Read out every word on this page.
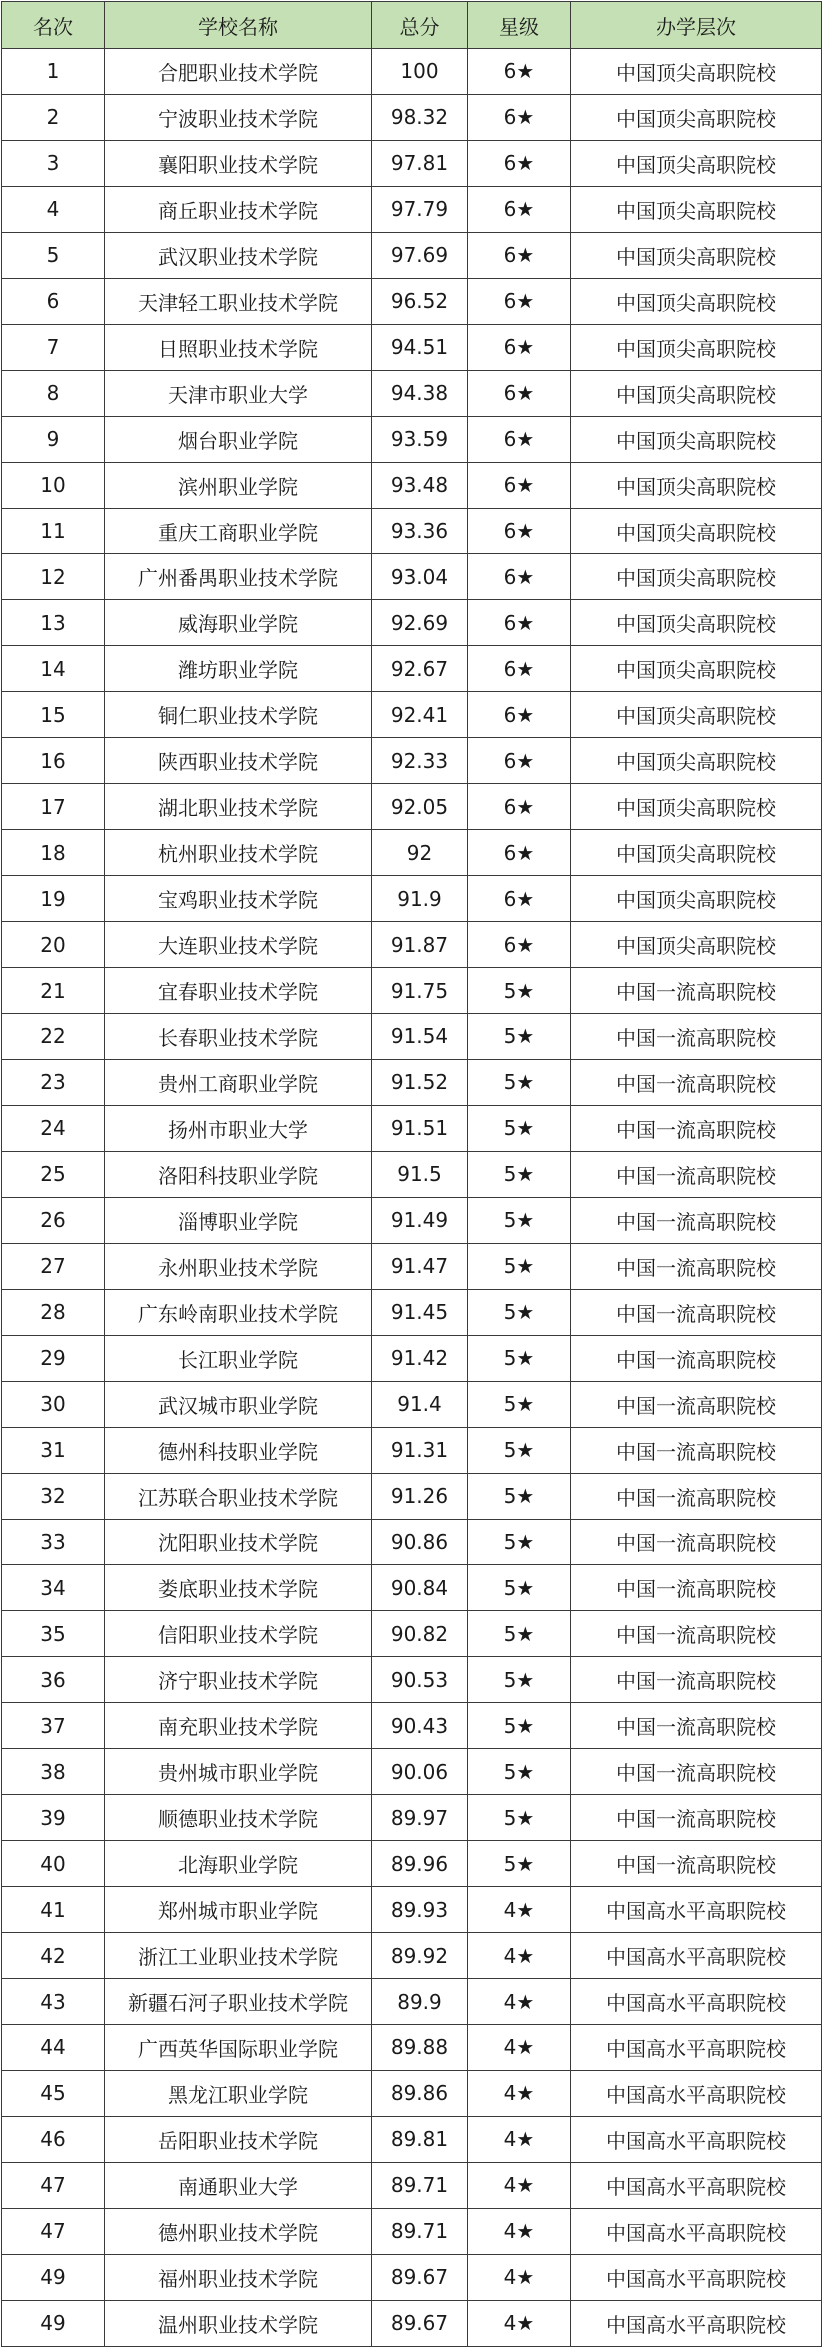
名次	学校名称	总分	星级	办学层次
1	合肥职业技术学院	100	6★	中国顶尖高职院校
2	宁波职业技术学院	98.32	6★	中国顶尖高职院校
3	襄阳职业技术学院	97.81	6★	中国顶尖高职院校
4	商丘职业技术学院	97.79	6★	中国顶尖高职院校
5	武汉职业技术学院	97.69	6★	中国顶尖高职院校
6	天津轻工职业技术学院	96.52	6★	中国顶尖高职院校
7	日照职业技术学院	94.51	6★	中国顶尖高职院校
8	天津市职业大学	94.38	6★	中国顶尖高职院校
9	烟台职业学院	93.59	6★	中国顶尖高职院校
10	滨州职业学院	93.48	6★	中国顶尖高职院校
11	重庆工商职业学院	93.36	6★	中国顶尖高职院校
12	广州番禺职业技术学院	93.04	6★	中国顶尖高职院校
13	威海职业学院	92.69	6★	中国顶尖高职院校
14	潍坊职业学院	92.67	6★	中国顶尖高职院校
15	铜仁职业技术学院	92.41	6★	中国顶尖高职院校
16	陕西职业技术学院	92.33	6★	中国顶尖高职院校
17	湖北职业技术学院	92.05	6★	中国顶尖高职院校
18	杭州职业技术学院	92	6★	中国顶尖高职院校
19	宝鸡职业技术学院	91.9	6★	中国顶尖高职院校
20	大连职业技术学院	91.87	6★	中国顶尖高职院校
21	宜春职业技术学院	91.75	5★	中国一流高职院校
22	长春职业技术学院	91.54	5★	中国一流高职院校
23	贵州工商职业学院	91.52	5★	中国一流高职院校
24	扬州市职业大学	91.51	5★	中国一流高职院校
25	洛阳科技职业学院	91.5	5★	中国一流高职院校
26	淄博职业学院	91.49	5★	中国一流高职院校
27	永州职业技术学院	91.47	5★	中国一流高职院校
28	广东岭南职业技术学院	91.45	5★	中国一流高职院校
29	长江职业学院	91.42	5★	中国一流高职院校
30	武汉城市职业学院	91.4	5★	中国一流高职院校
31	德州科技职业学院	91.31	5★	中国一流高职院校
32	江苏联合职业技术学院	91.26	5★	中国一流高职院校
33	沈阳职业技术学院	90.86	5★	中国一流高职院校
34	娄底职业技术学院	90.84	5★	中国一流高职院校
35	信阳职业技术学院	90.82	5★	中国一流高职院校
36	济宁职业技术学院	90.53	5★	中国一流高职院校
37	南充职业技术学院	90.43	5★	中国一流高职院校
38	贵州城市职业学院	90.06	5★	中国一流高职院校
39	顺德职业技术学院	89.97	5★	中国一流高职院校
40	北海职业学院	89.96	5★	中国一流高职院校
41	郑州城市职业学院	89.93	4★	中国高水平高职院校
42	浙江工业职业技术学院	89.92	4★	中国高水平高职院校
43	新疆石河子职业技术学院	89.9	4★	中国高水平高职院校
44	广西英华国际职业学院	89.88	4★	中国高水平高职院校
45	黑龙江职业学院	89.86	4★	中国高水平高职院校
46	岳阳职业技术学院	89.81	4★	中国高水平高职院校
47	南通职业大学	89.71	4★	中国高水平高职院校
47	德州职业技术学院	89.71	4★	中国高水平高职院校
49	福州职业技术学院	89.67	4★	中国高水平高职院校
49	温州职业技术学院	89.67	4★	中国高水平高职院校
